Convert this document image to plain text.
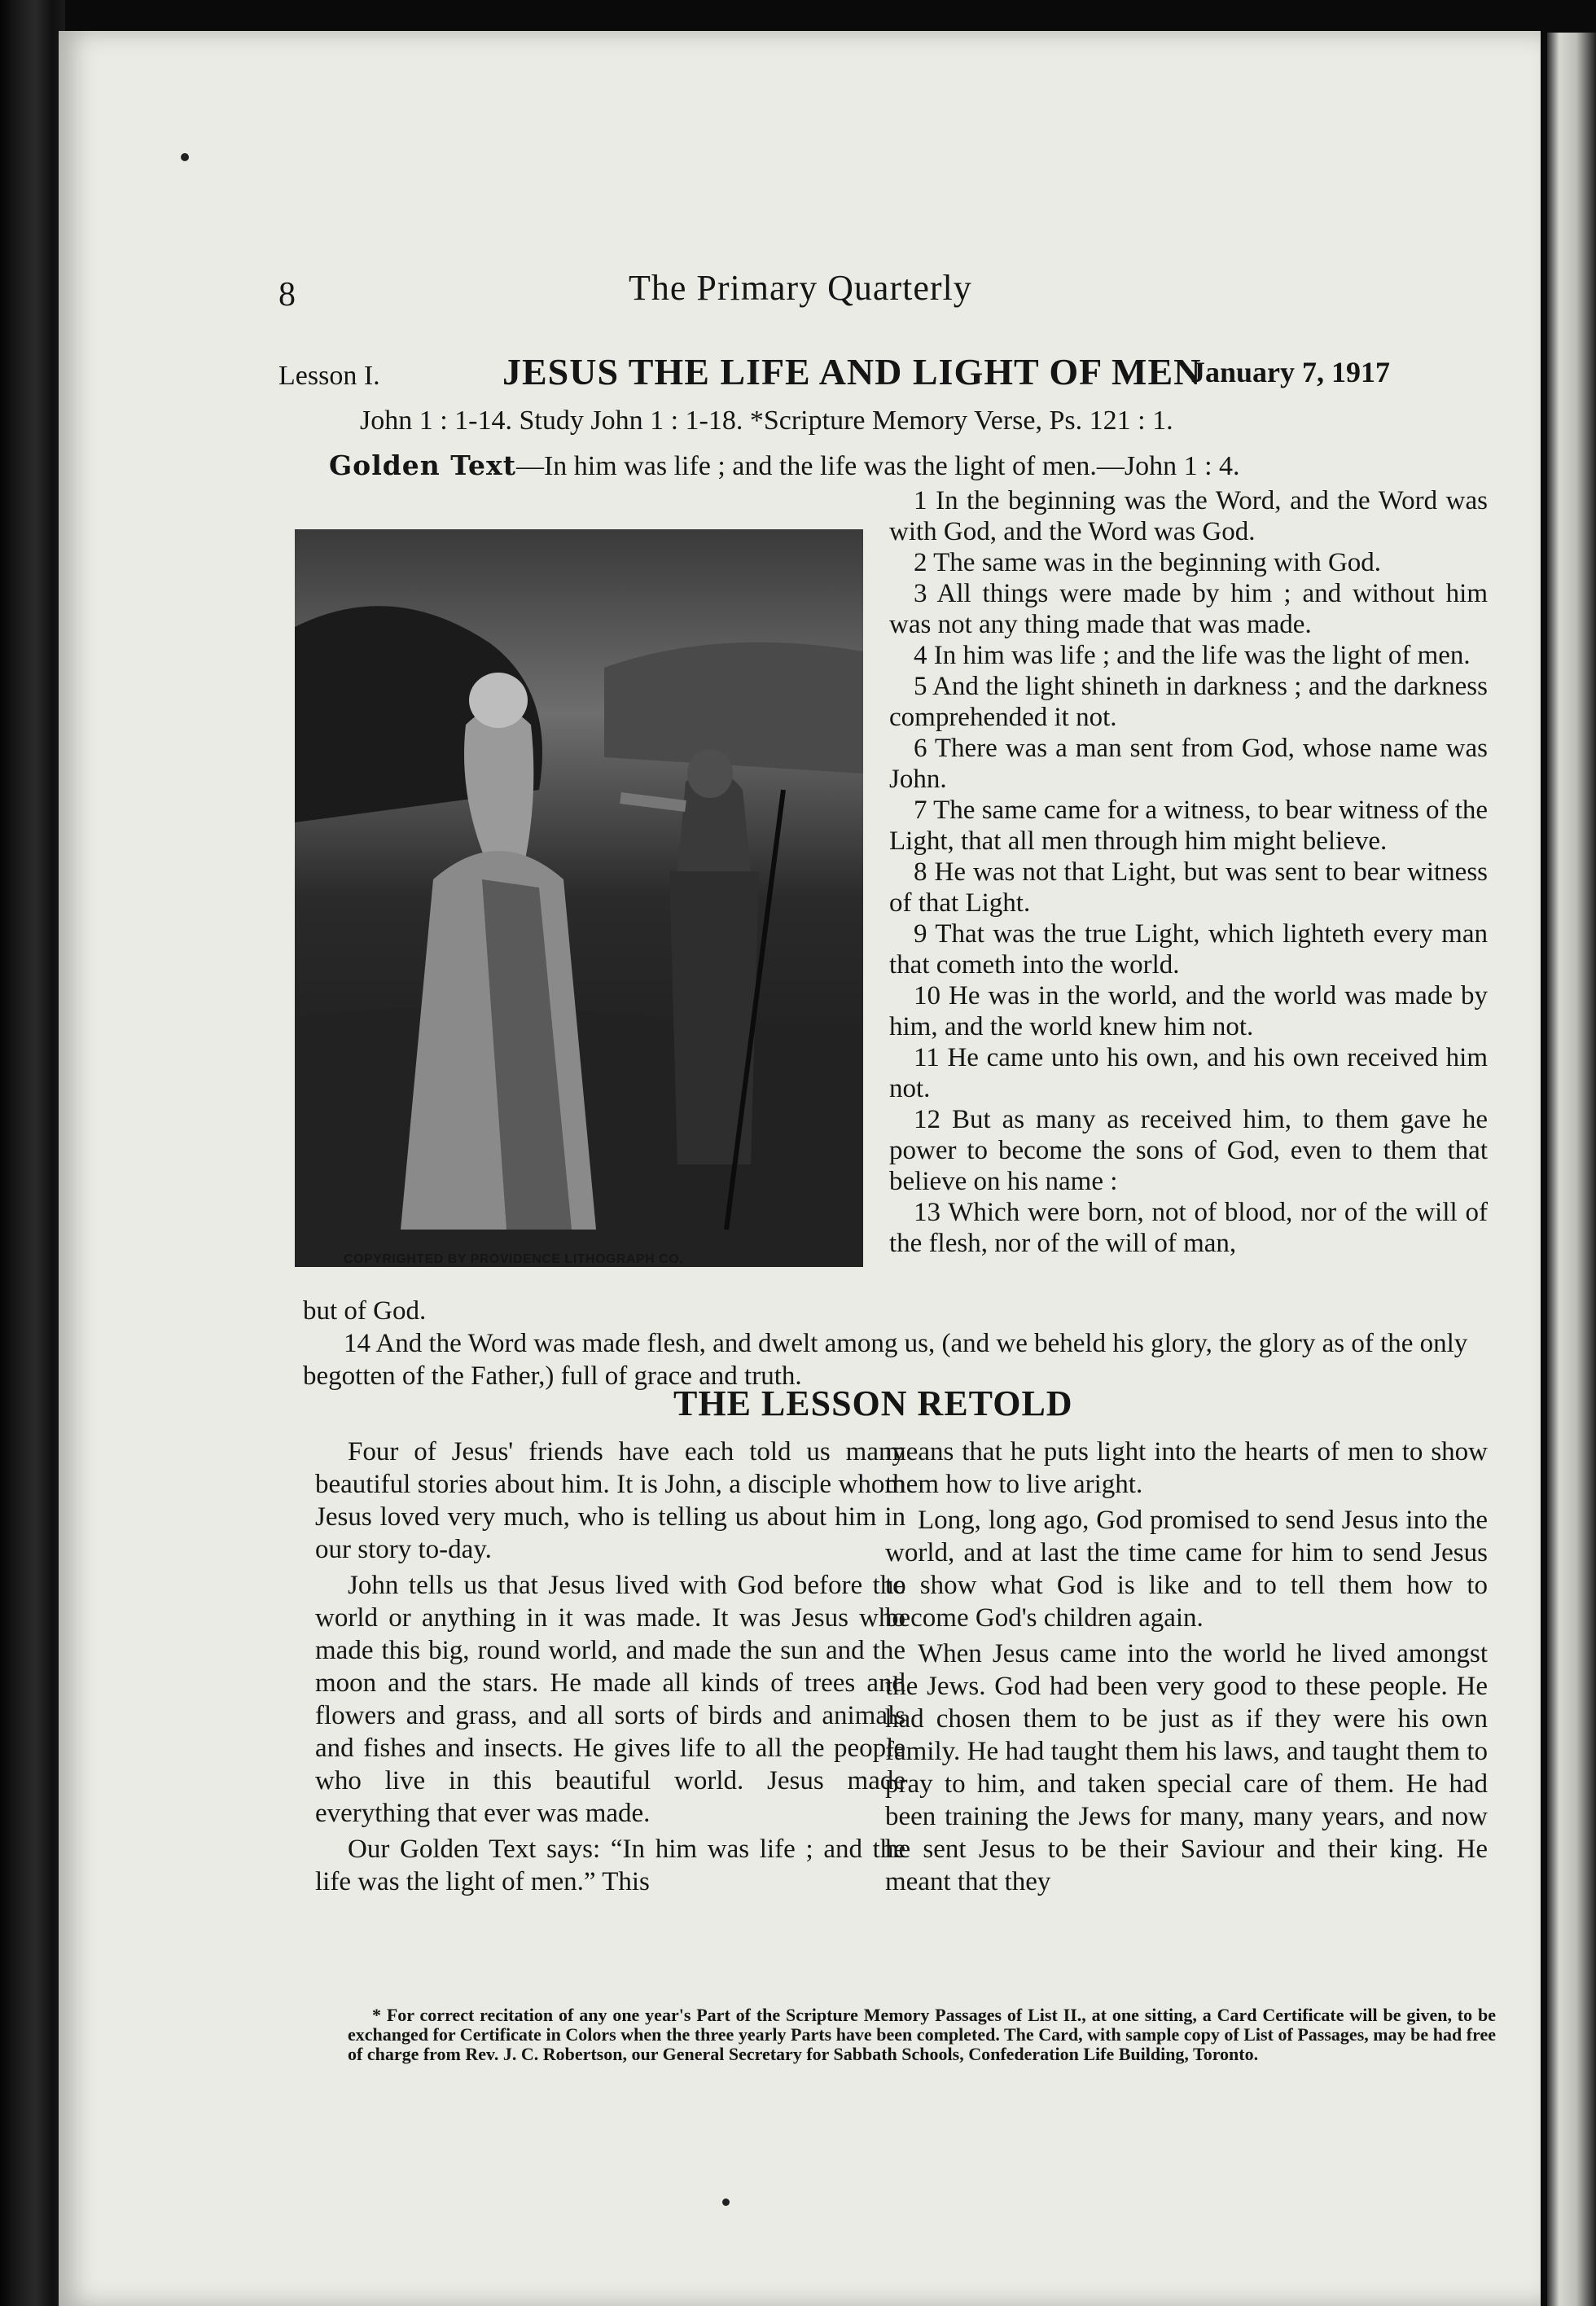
8	The Primary Quarterly
Lesson I.	JESUS THE LIFE AND LIGHT OF MEN
January 7, 1917
John 1 : 1-14. Study John 1 : 1-18. *Scripture Memory Verse, Ps. 121 : 1.
Golden Text—In him was life ; and the life was the light of men.—John 1 : 4.
COPYRIGHTED BY PROVIDENCE LITHOGRAPH CO.

1 In the beginning was the Word, and the Word was with God, and the Word was God.

2 The same was in the beginning with God.

3 All things were made by him ; and without him was not any thing made that was made.

4 In him was life ; and the life was the light of men.

5 And the light shineth in darkness ; and the darkness comprehended it not.

6 There was a man sent from God, whose name was John.

7 The same came for a witness, to bear witness of the Light, that all men through him might believe.

8 He was not that Light, but was sent to bear witness of that Light.

9 That was the true Light, which lighteth every man that cometh into the world.

10 He was in the world, and the world was made by him, and the world knew him not.

11 He came unto his own, and his own received him not.

12 But as many as received him, to them gave he power to become the sons of God, even to them that believe on his name :

13 Which were born, not of blood, nor of the will of the flesh, nor of the will of man,

but of God.

14 And the Word was made flesh, and dwelt among us, (and we beheld his glory, the glory as of the only begotten of the Father,) full of grace and truth.

THE LESSON RETOLD

Four of Jesus' friends have each told us many beautiful stories about him. It is John, a disciple whom Jesus loved very much, who is telling us about him in our story to-day.

John tells us that Jesus lived with God before the world or anything in it was made. It was Jesus who made this big, round world, and made the sun and the moon and the stars. He made all kinds of trees and flowers and grass, and all sorts of birds and animals and fishes and insects. He gives life to all the people who live in this beautiful world. Jesus made everything that ever was made.

Our Golden Text says: “In him was life ; and the life was the light of men.” This

means that he puts light into the hearts of men to show them how to live aright.

Long, long ago, God promised to send Jesus into the world, and at last the time came for him to send Jesus to show what God is like and to tell them how to become God's children again.

When Jesus came into the world he lived amongst the Jews. God had been very good to these people. He had chosen them to be just as if they were his own family. He had taught them his laws, and taught them to pray to him, and taken special care of them. He had been training the Jews for many, many years, and now he sent Jesus to be their Saviour and their king. He meant that they

* For correct recitation of any one year's Part of the Scripture Memory Passages of List II., at one sitting, a Card Certificate will be given, to be exchanged for Certificate in Colors when the three yearly Parts have been completed. The Card, with sample copy of List of Passages, may be had free of charge from Rev. J. C. Robertson, our General Secretary for Sabbath Schools, Confederation Life Building, Toronto.
